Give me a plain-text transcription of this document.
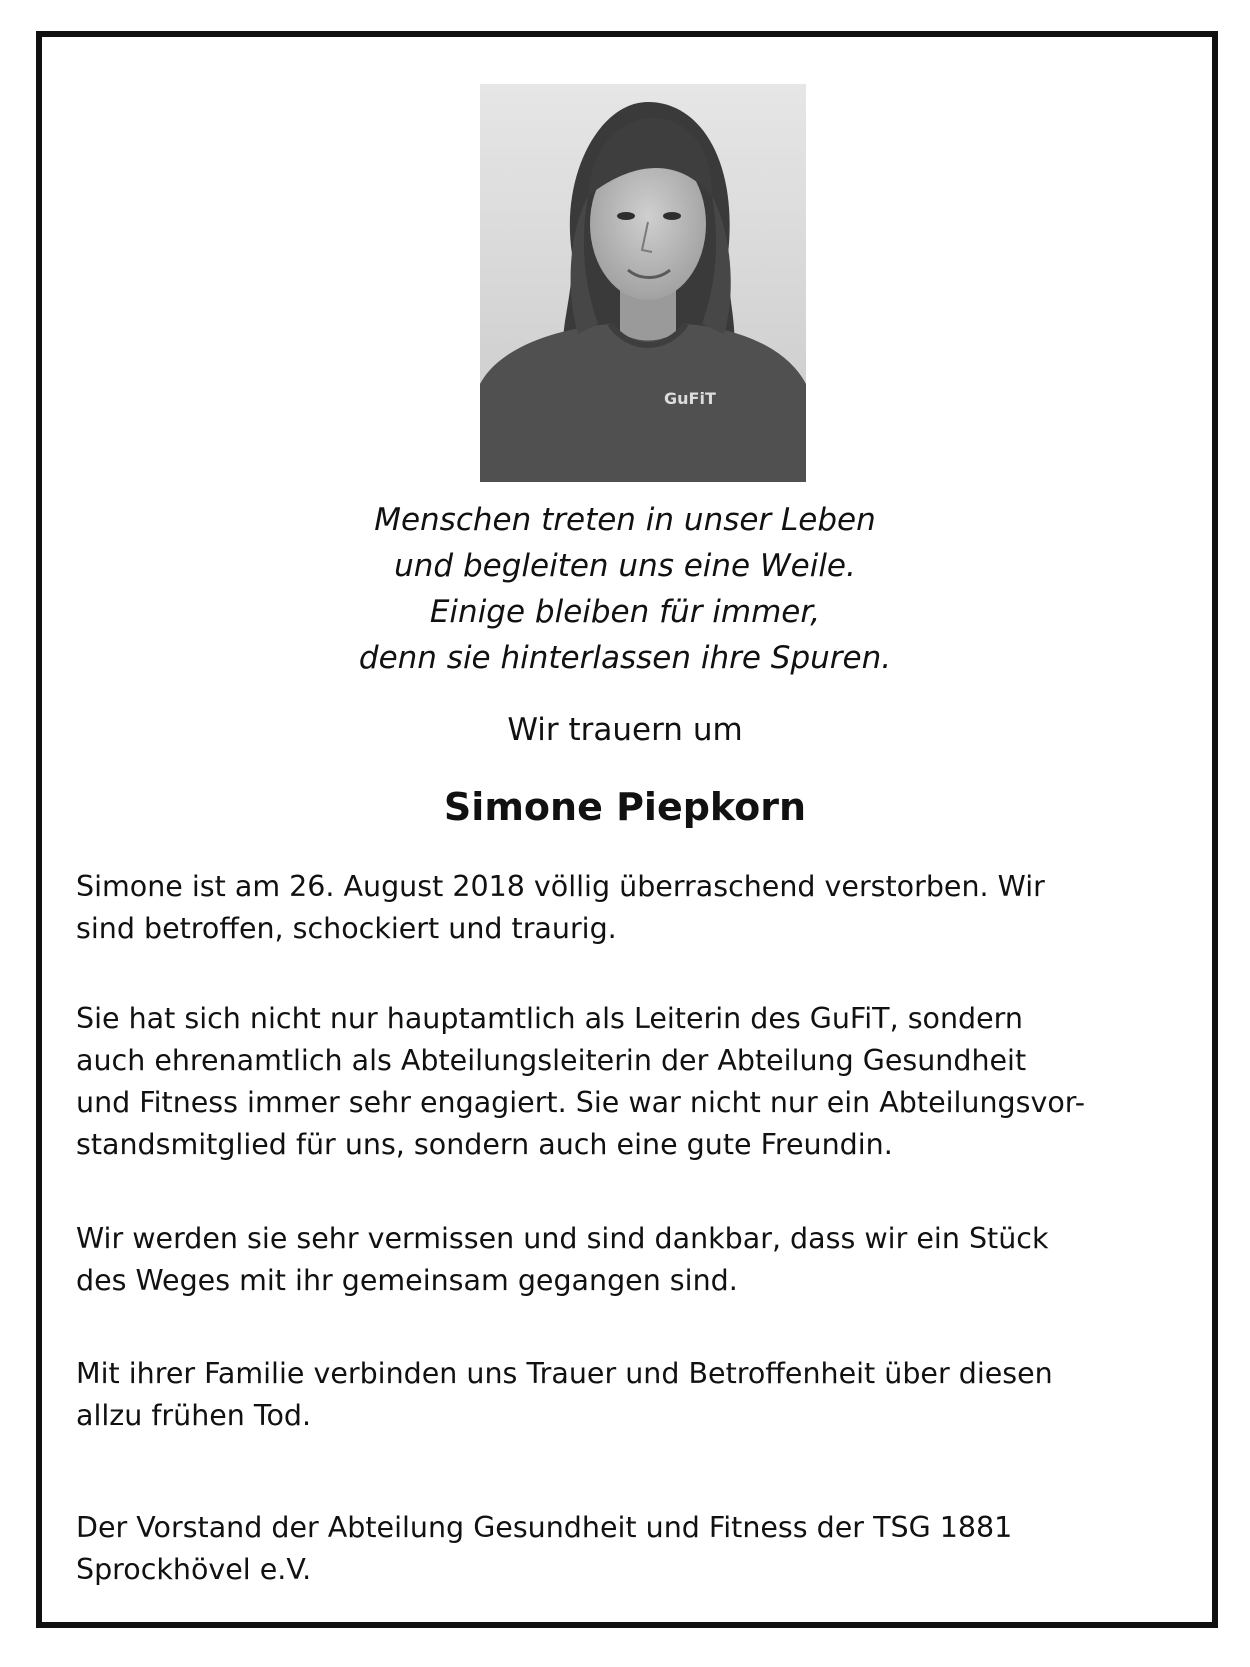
GuFiT
Menschen treten in unser Leben
und begleiten uns eine Weile.
Einige bleiben für immer,
denn sie hinterlassen ihre Spuren.
Wir trauern um
Simone Piepkorn
Simone ist am 26. August 2018 völlig überraschend verstorben. Wir
sind betroffen, schockiert und traurig.
Sie hat sich nicht nur hauptamtlich als Leiterin des GuFiT, sondern
auch ehrenamtlich als Abteilungsleiterin der Abteilung Gesundheit
und Fitness immer sehr engagiert. Sie war nicht nur ein Abteilungsvor-
standsmitglied für uns, sondern auch eine gute Freundin.
Wir werden sie sehr vermissen und sind dankbar, dass wir ein Stück
des Weges mit ihr gemeinsam gegangen sind.
Mit ihrer Familie verbinden uns Trauer und Betroffenheit über diesen
allzu frühen Tod.
Der Vorstand der Abteilung Gesundheit und Fitness der TSG 1881
Sprockhövel e.V.
